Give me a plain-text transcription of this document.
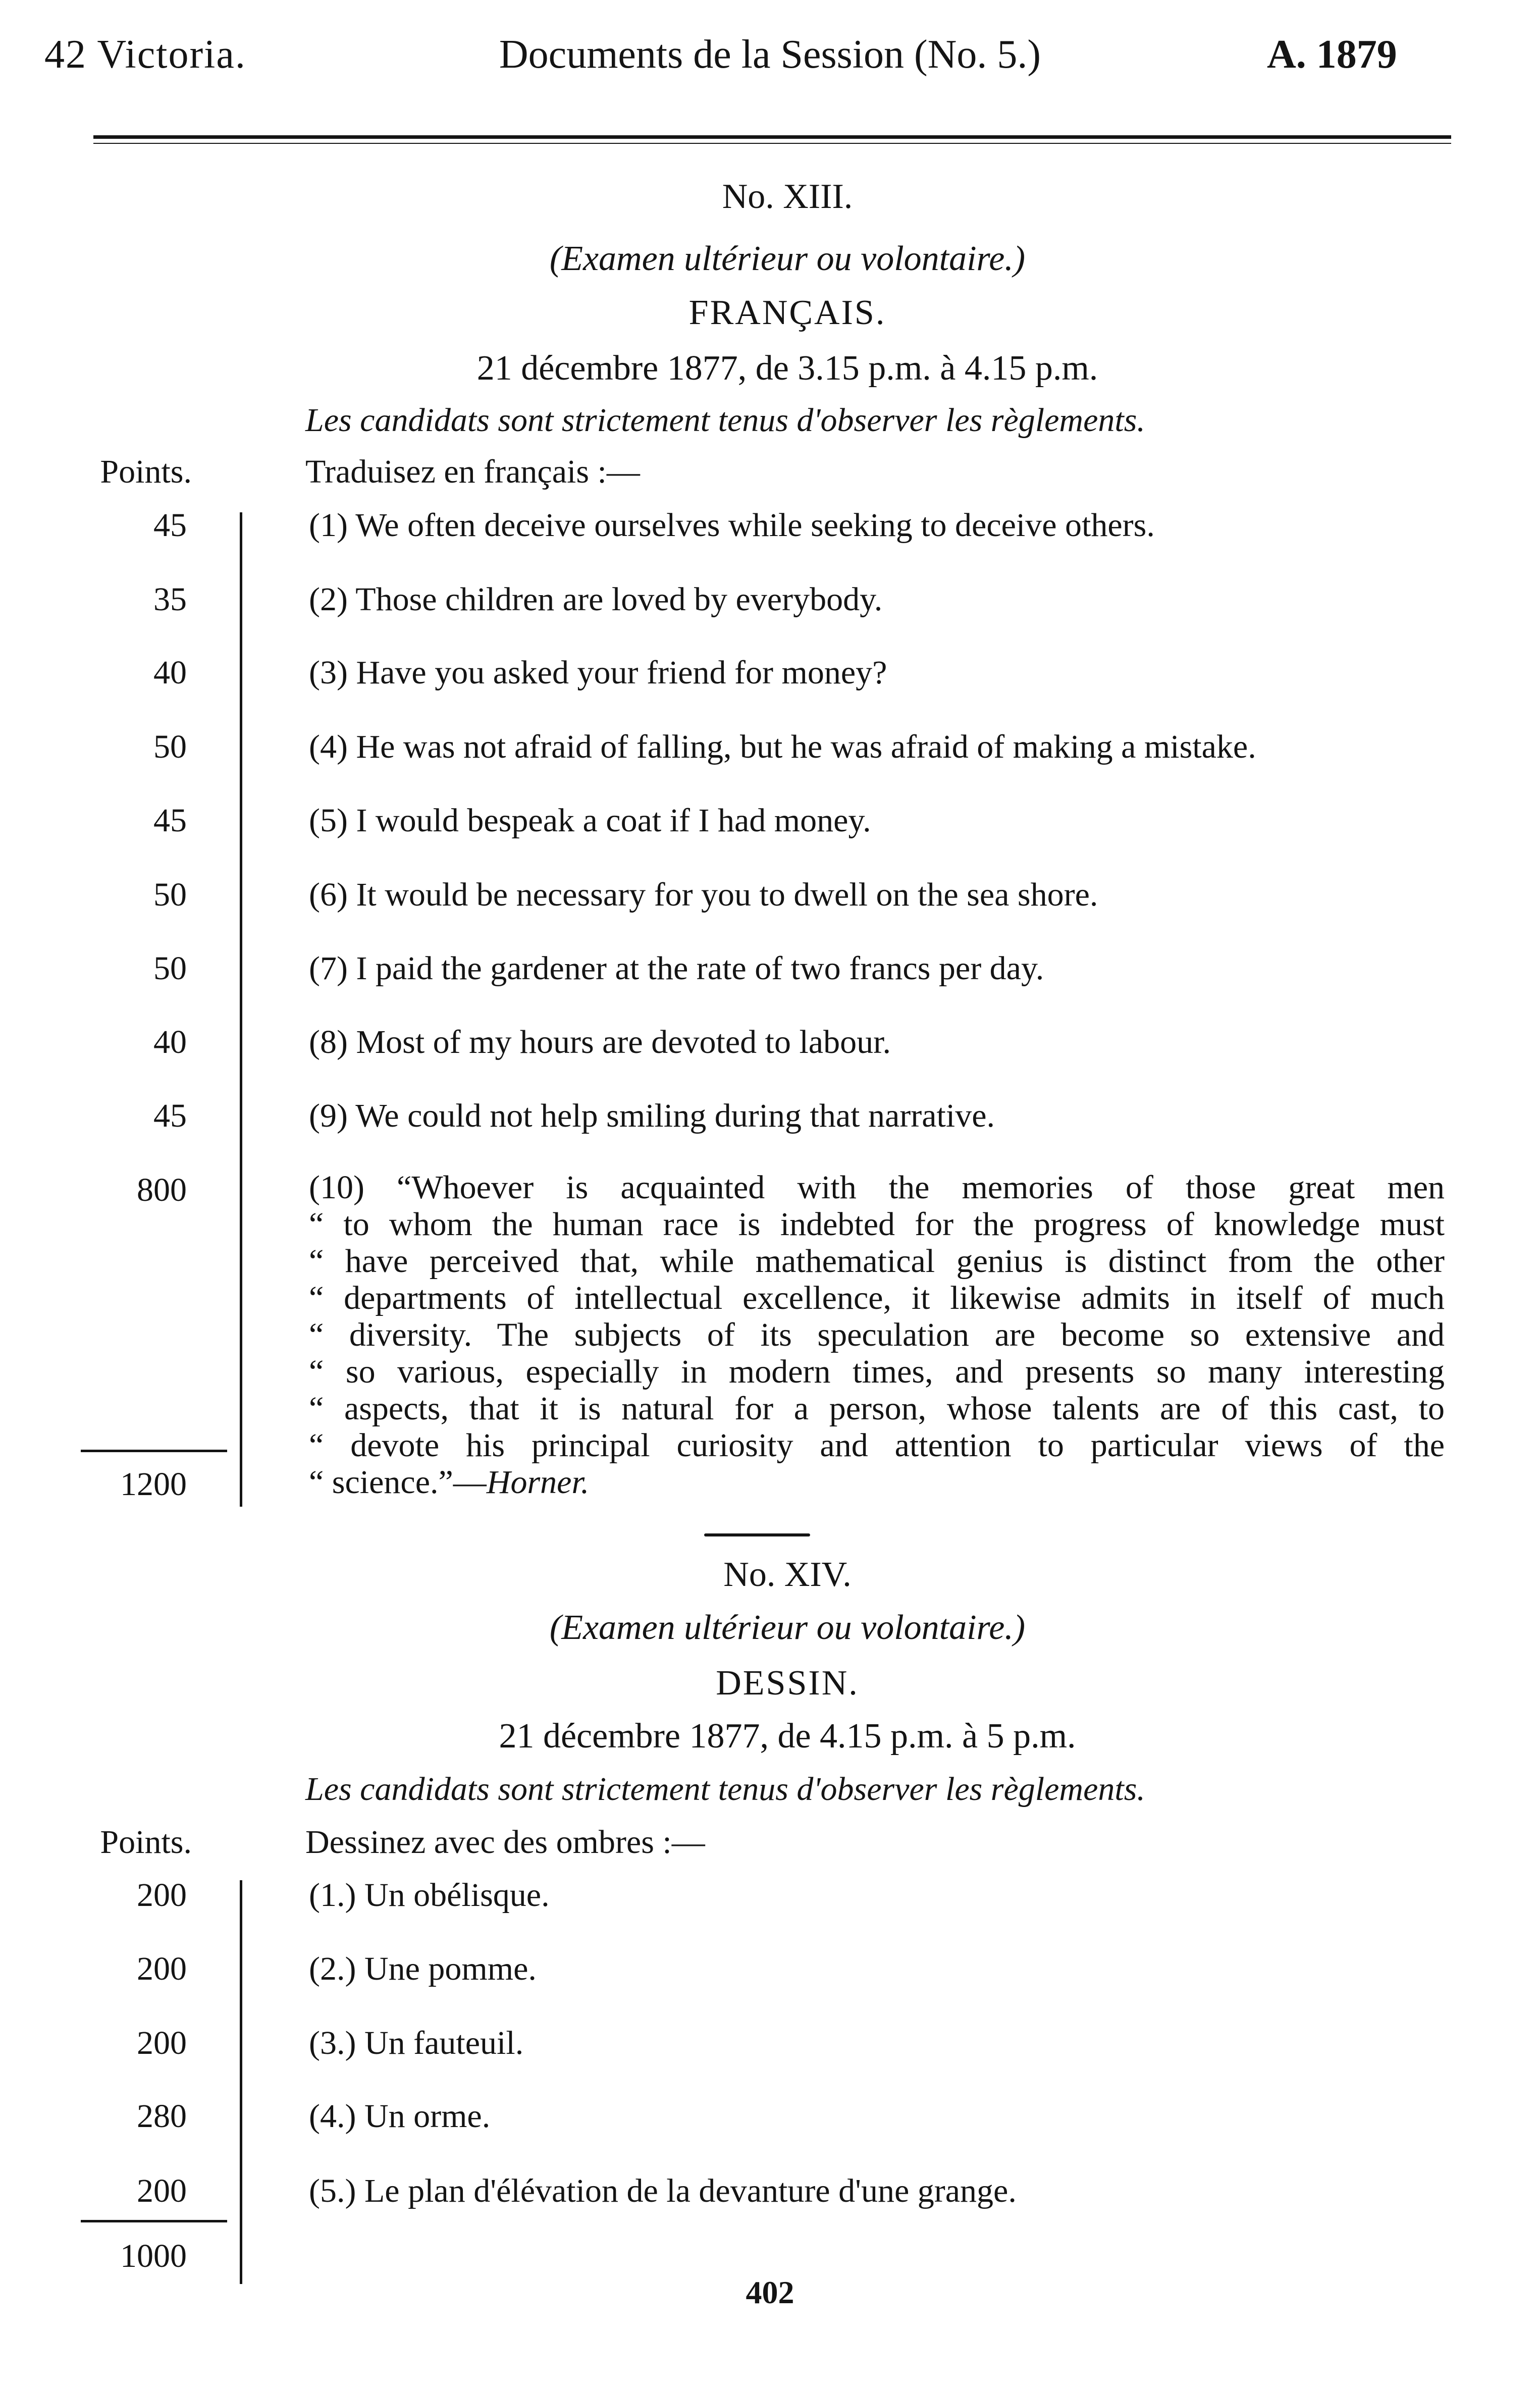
42 Victoria.	Documents de la Session (No. 5.)	A. 1879
No. XIII.
(Examen ultérieur ou volontaire.)
FRANÇAIS.
21 décembre 1877, de 3.15 p.m. à 4.15 p.m.
Les candidats sont strictement tenus d'observer les règlements.
Points.	Traduisez en français :—
45	(1) We often deceive ourselves while seeking to deceive others.
35	(2) Those children are loved by everybody.
40	(3) Have you asked your friend for money?
50	(4) He was not afraid of falling, but he was afraid of making a mistake.
45	(5) I would bespeak a coat if I had money.
50	(6) It would be necessary for you to dwell on the sea shore.
50	(7) I paid the gardener at the rate of two francs per day.
40	(8) Most of my hours are devoted to labour.
45	(9) We could not help smiling during that narrative.
800	(10) “Whoever is acquainted with the memories of those great men
“ to whom the human race is indebted for the progress of knowledge must
“ have perceived that, while mathematical genius is distinct from the other
“ departments of intellectual excellence, it likewise admits in itself of much
“ diversity. The subjects of its speculation are become so extensive and
“ so various, especially in modern times, and presents so many interesting
“ aspects, that it is natural for a person, whose talents are of this cast, to
“ devote his principal curiosity and attention to particular views of the
“ science.”—Horner.
1200
No. XIV.
(Examen ultérieur ou volontaire.)
DESSIN.
21 décembre 1877, de 4.15 p.m. à 5 p.m.
Les candidats sont strictement tenus d'observer les règlements.
Points.	Dessinez avec des ombres :—
200	(1.) Un obélisque.
200	(2.) Une pomme.
200	(3.) Un fauteuil.
280	(4.) Un orme.
200	(5.) Le plan d'élévation de la devanture d'une grange.
1000
402
